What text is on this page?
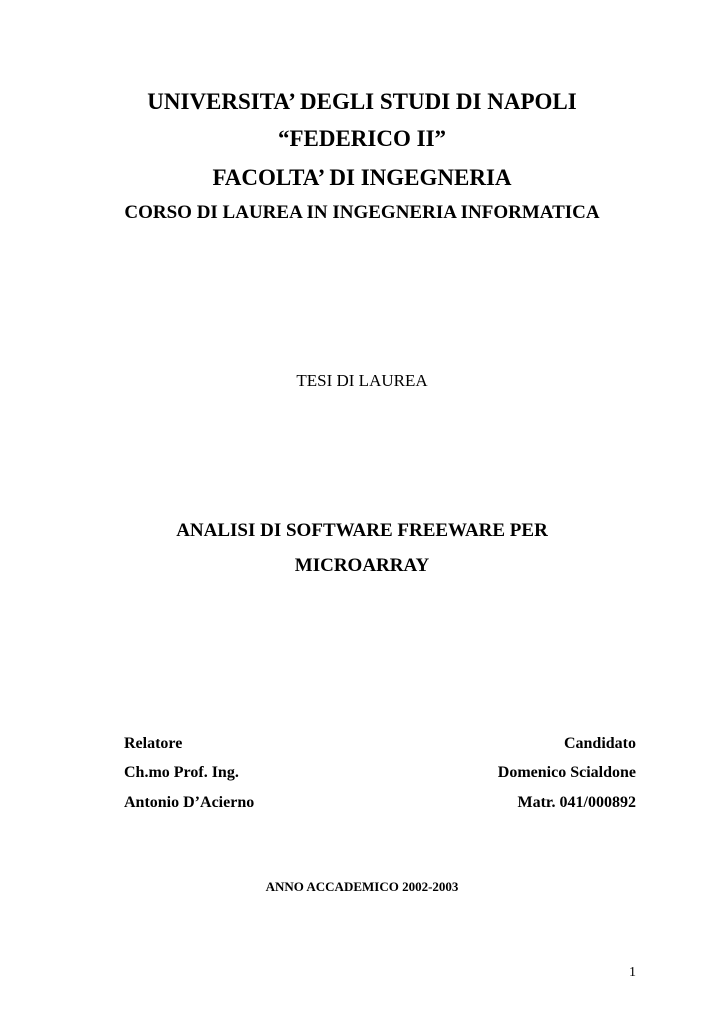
UNIVERSITA’ DEGLI STUDI DI NAPOLI
“FEDERICO II”
FACOLTA’ DI INGEGNERIA
CORSO DI LAUREA IN INGEGNERIA INFORMATICA
TESI DI LAUREA
ANALISI DI SOFTWARE FREEWARE PER
MICROARRAY
Relatore
Ch.mo Prof. Ing.
Antonio D’Acierno
Candidato
Domenico Scialdone
Matr. 041/000892
ANNO ACCADEMICO 2002-2003
1
